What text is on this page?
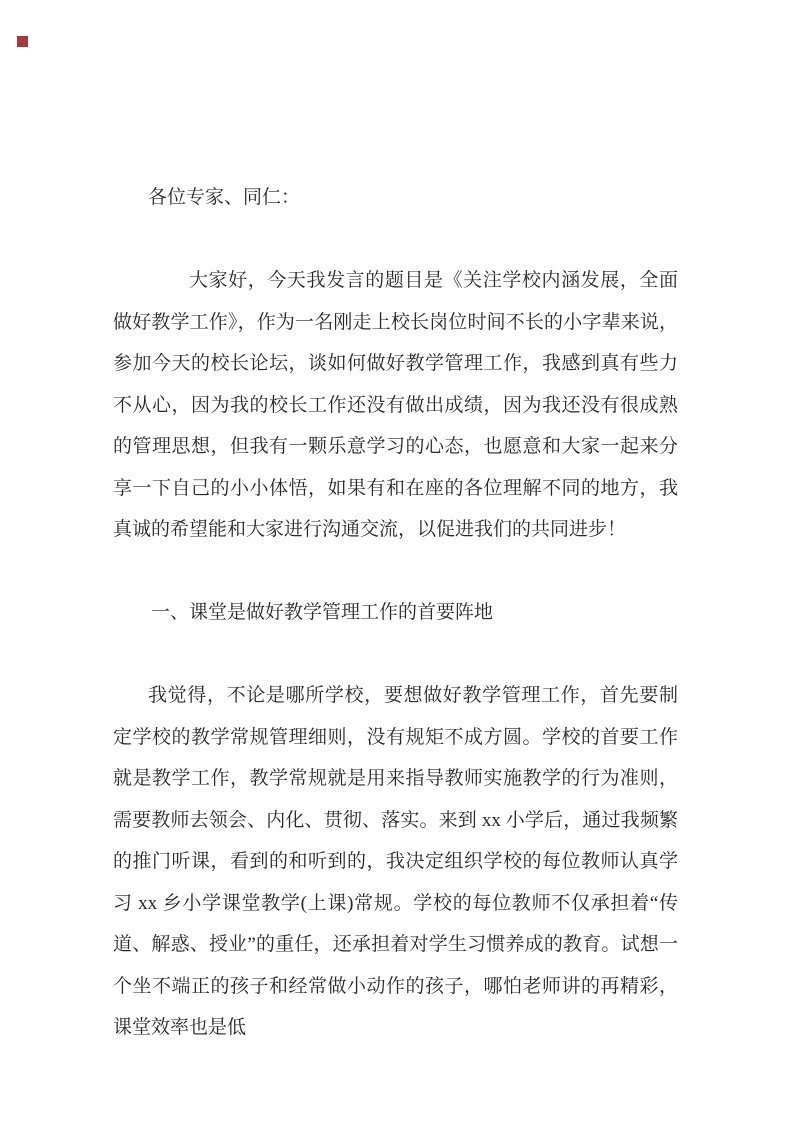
各位专家、同仁：
大家好，今天我发言的题目是《关注学校内涵发展，全面做好教学工作》，作为一名刚走上校长岗位时间不长的小字辈来说，参加今天的校长论坛，谈如何做好教学管理工作，我感到真有些力不从心，因为我的校长工作还没有做出成绩，因为我还没有很成熟的管理思想，但我有一颗乐意学习的心态，也愿意和大家一起来分享一下自己的小小体悟，如果有和在座的各位理解不同的地方，我真诚的希望能和大家进行沟通交流，以促进我们的共同进步！
一、课堂是做好教学管理工作的首要阵地
我觉得，不论是哪所学校，要想做好教学管理工作，首先要制定学校的教学常规管理细则，没有规矩不成方圆。学校的首要工作就是教学工作，教学常规就是用来指导教师实施教学的行为准则，需要教师去领会、内化、贯彻、落实。来到 xx 小学后，通过我频繁的推门听课，看到的和听到的，我决定组织学校的每位教师认真学习 xx 乡小学课堂教学(上课)常规。学校的每位教师不仅承担着“传道、解惑、授业”的重任，还承担着对学生习惯养成的教育。试想一个坐不端正的孩子和经常做小动作的孩子，哪怕老师讲的再精彩，课堂效率也是低
